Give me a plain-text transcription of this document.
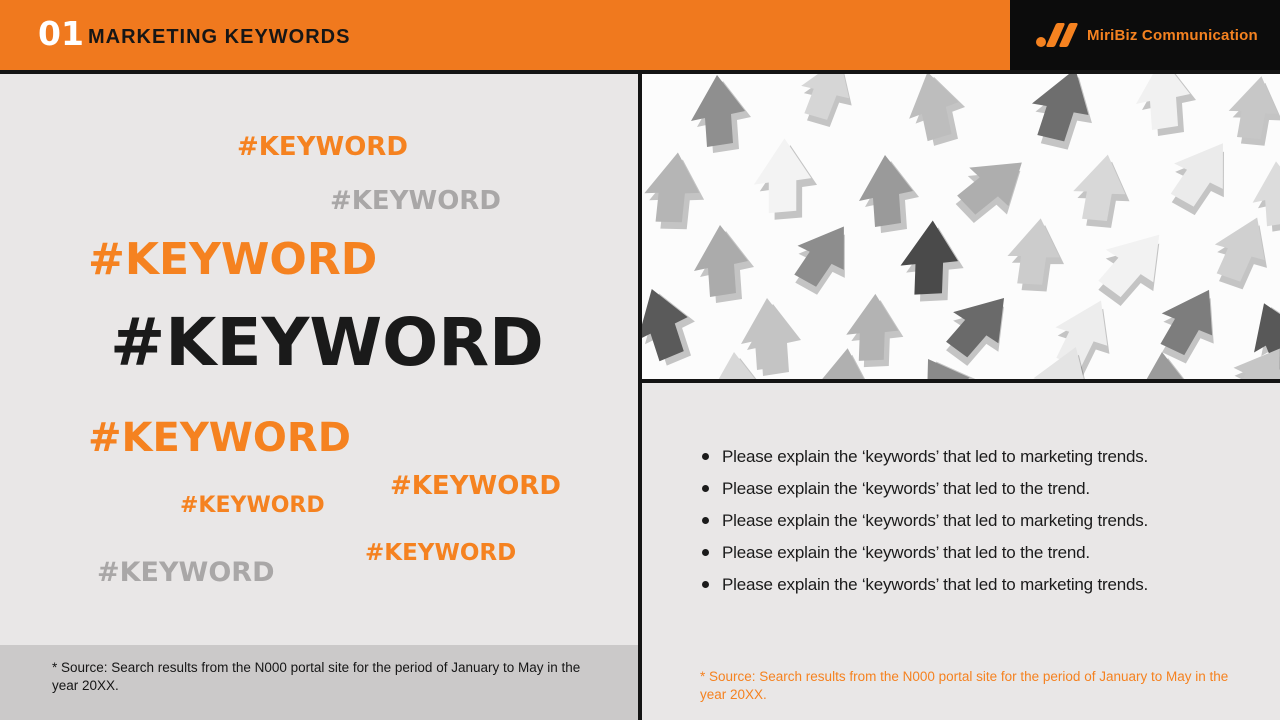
01 MARKETING KEYWORDS	MiriBiz Communication
#KEYWORD
#KEYWORD
#KEYWORD
#KEYWORD
#KEYWORD
#KEYWORD
#KEYWORD
#KEYWORD
#KEYWORD

* Source: Search results from the N000 portal site for the period of January to May in the year 20XX.

Please explain the ‘keywords’ that led to marketing trends.
Please explain the ‘keywords’ that led to the trend.
Please explain the ‘keywords’ that led to marketing trends.
Please explain the ‘keywords’ that led to the trend.
Please explain the ‘keywords’ that led to marketing trends.

* Source: Search results from the N000 portal site for the period of January to May in the year 20XX.
